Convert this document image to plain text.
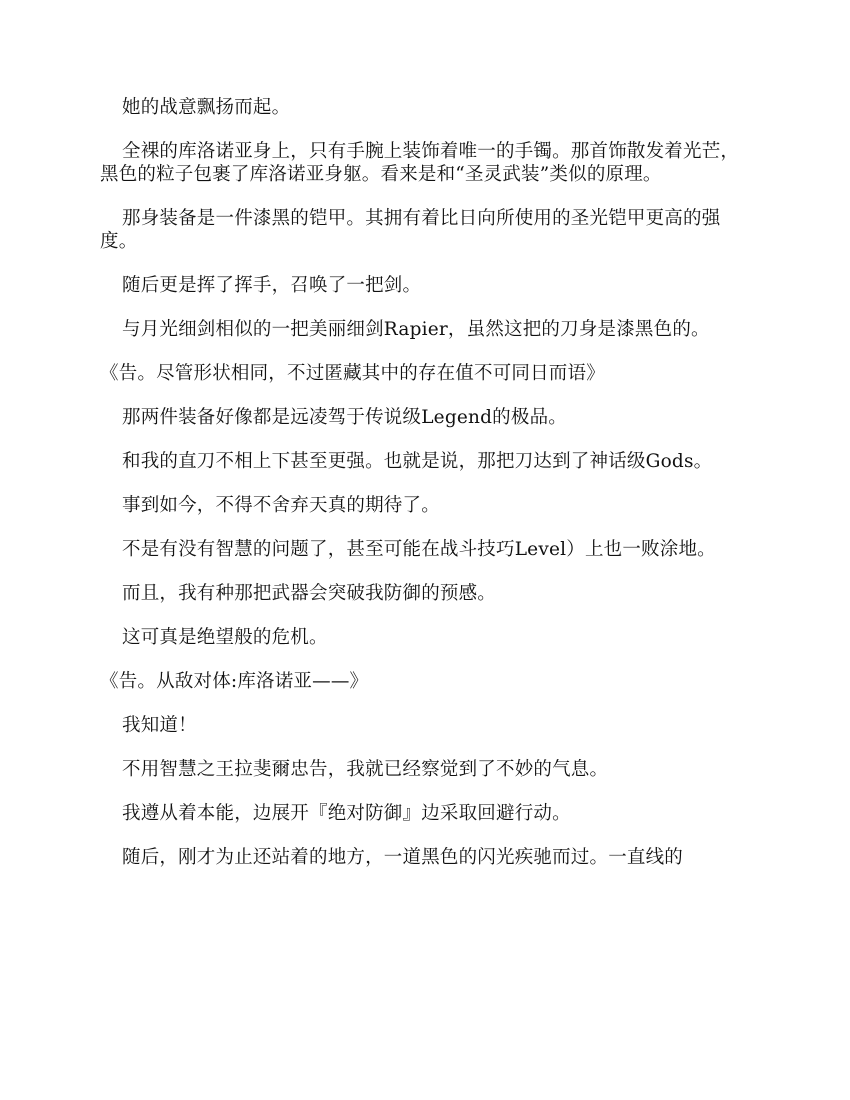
她的战意飘扬而起。

全裸的库洛诺亚身上，只有手腕上装饰着唯一的手镯。那首饰散发着光芒，黑色的粒子包裹了库洛诺亚身躯。看来是和“圣灵武装”类似的原理。

那身装备是一件漆黑的铠甲。其拥有着比日向所使用的圣光铠甲更高的强度。

随后更是挥了挥手，召唤了一把剑。

与月光细剑相似的一把美丽细剑Rapier，虽然这把的刀身是漆黑色的。

《告。尽管形状相同，不过匿藏其中的存在值不可同日而语》

那两件装备好像都是远凌驾于传说级Legend的极品。

和我的直刀不相上下甚至更强。也就是说，那把刀达到了神话级Gods。

事到如今，不得不舍弃天真的期待了。

不是有没有智慧的问题了，甚至可能在战斗技巧Level）上也一败涂地。

而且，我有种那把武器会突破我防御的预感。

这可真是绝望般的危机。

《告。从敌对体:库洛诺亚——》

我知道！

不用智慧之王拉斐爾忠告，我就已经察觉到了不妙的气息。

我遵从着本能，边展开『绝对防御』边采取回避行动。

随后，刚才为止还站着的地方，一道黑色的闪光疾驰而过。一直线的
